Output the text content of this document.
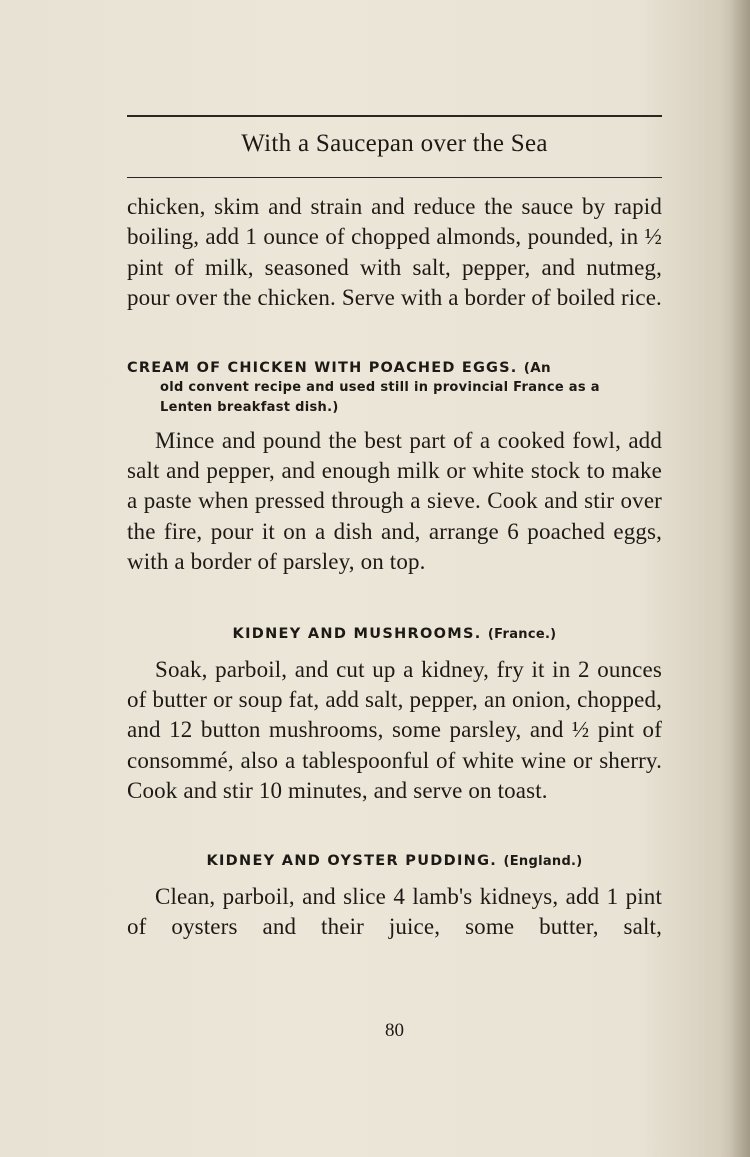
With a Saucepan over the Sea

chicken, skim and strain and reduce the sauce by rapid boiling, add 1 ounce of chopped almonds, pounded, in ½ pint of milk, seasoned with salt, pepper, and nutmeg, pour over the chicken. Serve with a border of boiled rice.

CREAM OF CHICKEN WITH POACHED EGGS. (An
old convent recipe and used still in provincial France as a
Lenten breakfast dish.)

Mince and pound the best part of a cooked fowl, add salt and pepper, and enough milk or white stock to make a paste when pressed through a sieve. Cook and stir over the fire, pour it on a dish and, arrange 6 poached eggs, with a border of parsley, on top.

KIDNEY AND MUSHROOMS. (France.)

Soak, parboil, and cut up a kidney, fry it in 2 ounces of butter or soup fat, add salt, pepper, an onion, chopped, and 12 button mushrooms, some parsley, and ½ pint of consommé, also a tablespoonful of white wine or sherry. Cook and stir 10 minutes, and serve on toast.

KIDNEY AND OYSTER PUDDING. (England.)

Clean, parboil, and slice 4 lamb's kidneys, add 1 pint of oysters and their juice, some butter, salt,

80
